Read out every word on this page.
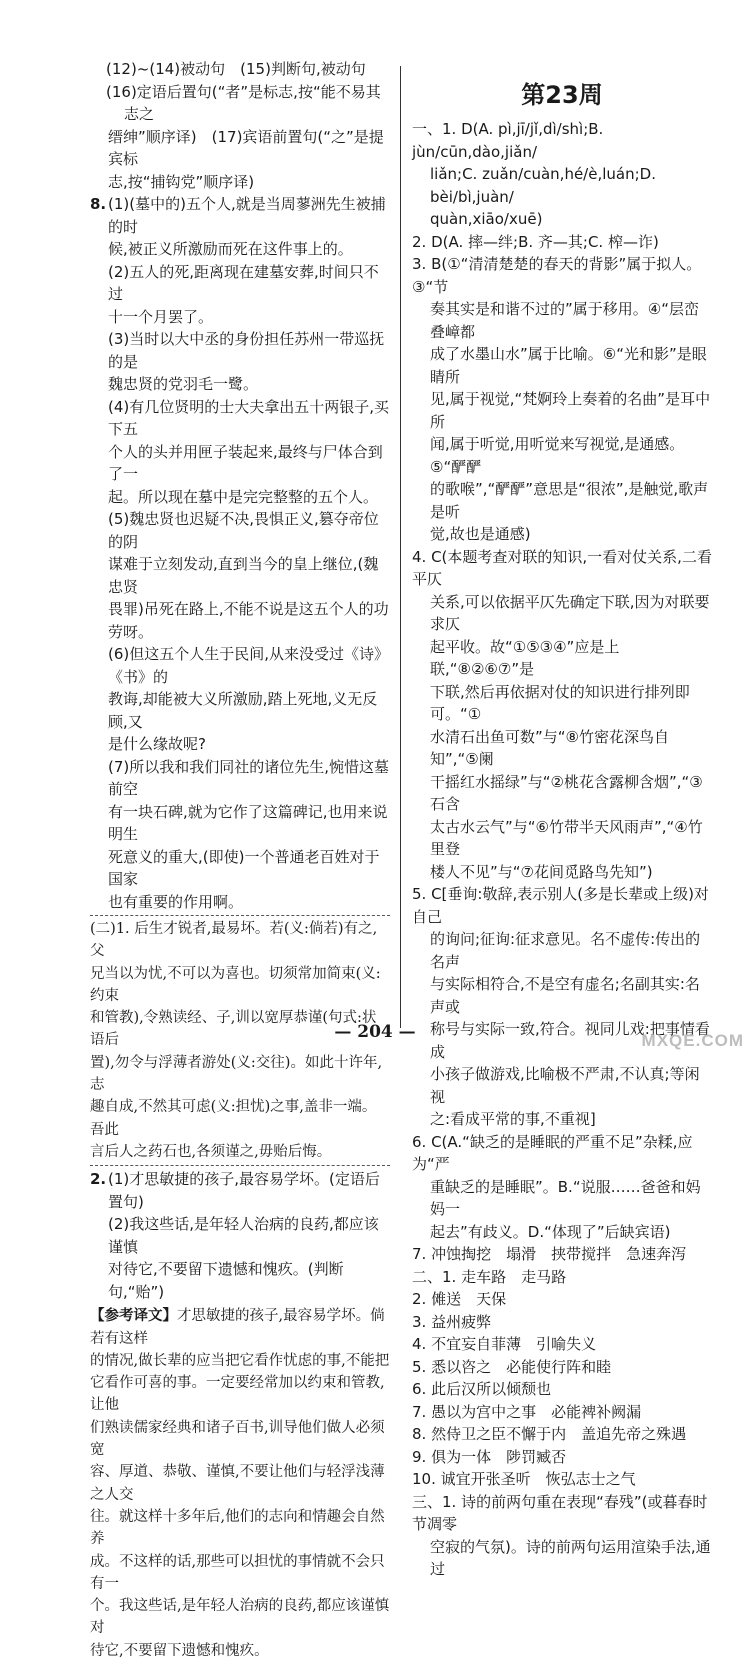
(12)~(14)被动句　(15)判断句,被动句

(16)定语后置句(“者”是标志,按“能不易其志之

缙绅”顺序译)　(17)宾语前置句(“之”是提宾标

志,按“捕钩党”顺序译)

8. (1)(墓中的)五个人,就是当周蓼洲先生被捕的时

候,被正义所激励而死在这件事上的。

(2)五人的死,距离现在建墓安葬,时间只不过

十一个月罢了。

(3)当时以大中丞的身份担任苏州一带巡抚的是

魏忠贤的党羽毛一鹭。

(4)有几位贤明的士大夫拿出五十两银子,买下五

个人的头并用匣子装起来,最终与尸体合到了一

起。所以现在墓中是完完整整的五个人。

(5)魏忠贤也迟疑不决,畏惧正义,篡夺帝位的阴

谋难于立刻发动,直到当今的皇上继位,(魏忠贤

畏罪)吊死在路上,不能不说是这五个人的功

劳呀。

(6)但这五个人生于民间,从来没受过《诗》《书》的

教诲,却能被大义所激励,踏上死地,义无反顾,又

是什么缘故呢?

(7)所以我和我们同社的诸位先生,惋惜这墓前空

有一块石碑,就为它作了这篇碑记,也用来说明生

死意义的重大,(即使)一个普通老百姓对于国家

也有重要的作用啊。

(二)1. 后生才锐者,最易坏。若(义:倘若)有之,父

兄当以为忧,不可以为喜也。切须常加简束(义:约束

和管教),令熟读经、子,训以宽厚恭谨(句式:状语后

置),勿令与浮薄者游处(义:交往)。如此十许年,志

趣自成,不然其可虑(义:担忧)之事,盖非一端。吾此

言后人之药石也,各须谨之,毋贻后悔。

2. (1)才思敏捷的孩子,最容易学坏。(定语后置句)

(2)我这些话,是年轻人治病的良药,都应该谨慎

对待它,不要留下遗憾和愧疚。(判断句,“贻”)

【参考译文】才思敏捷的孩子,最容易学坏。倘若有这样

的情况,做长辈的应当把它看作忧虑的事,不能把

它看作可喜的事。一定要经常加以约束和管教,让他

们熟读儒家经典和诸子百书,训导他们做人必须宽

容、厚道、恭敬、谨慎,不要让他们与轻浮浅薄之人交

往。就这样十多年后,他们的志向和情趣会自然养

成。不这样的话,那些可以担忧的事情就不会只有一

个。我这些话,是年轻人治病的良药,都应该谨慎对

待它,不要留下遗憾和愧疚。

第23周

一、1. D(A. pì,jī/jǐ,dì/shì;B. jùn/cūn,dào,jiǎn/

liǎn;C. zuǎn/cuàn,hé/è,luán;D. bèi/bì,juàn/

quàn,xiāo/xuē)

2. D(A. 摔—绊;B. 齐—其;C. 榨—诈)

3. B(①“清清楚楚的春天的背影”属于拟人。③“节

奏其实是和谐不过的”属于移用。④“层峦叠嶂都

成了水墨山水”属于比喻。⑥“光和影”是眼睛所

见,属于视觉,“梵婀玲上奏着的名曲”是耳中所

闻,属于听觉,用听觉来写视觉,是通感。⑤“酽酽

的歌喉”,“酽酽”意思是“很浓”,是触觉,歌声是听

觉,故也是通感)

4. C(本题考查对联的知识,一看对仗关系,二看平仄

关系,可以依据平仄先确定下联,因为对联要求仄

起平收。故“①⑤③④”应是上联,“⑧②⑥⑦”是

下联,然后再依据对仗的知识进行排列即可。“①

水清石出鱼可数”与“⑧竹密花深鸟自知”,“⑤阑

干摇红水摇绿”与“②桃花含露柳含烟”,“③石含

太古水云气”与“⑥竹带半天风雨声”,“④竹里登

楼人不见”与“⑦花间觅路鸟先知”)

5. C[垂询:敬辞,表示别人(多是长辈或上级)对自己

的询问;征询:征求意见。名不虚传:传出的名声

与实际相符合,不是空有虚名;名副其实:名声或

称号与实际一致,符合。视同儿戏:把事情看成

小孩子做游戏,比喻极不严肃,不认真;等闲视

之:看成平常的事,不重视]

6. C(A.“缺乏的是睡眠的严重不足”杂糅,应为“严

重缺乏的是睡眠”。B.“说服……爸爸和妈妈一

起去”有歧义。D.“体现了”后缺宾语)

7. 冲蚀掏挖　塌滑　挟带搅拌　急速奔泻

二、1. 走车路　走马路

2. 傩送　天保

3. 益州疲弊

4. 不宜妄自菲薄　引喻失义

5. 悉以咨之　必能使行阵和睦

6. 此后汉所以倾颓也

7. 愚以为宫中之事　必能裨补阙漏

8. 然侍卫之臣不懈于内　盖追先帝之殊遇

9. 俱为一体　陟罚臧否

10. 诚宜开张圣听　恢弘志士之气

三、1. 诗的前两句重在表现“春残”(或暮春时节凋零

空寂的气氛)。诗的前两句运用渲染手法,通过

— 204 —	MXQE.COM
